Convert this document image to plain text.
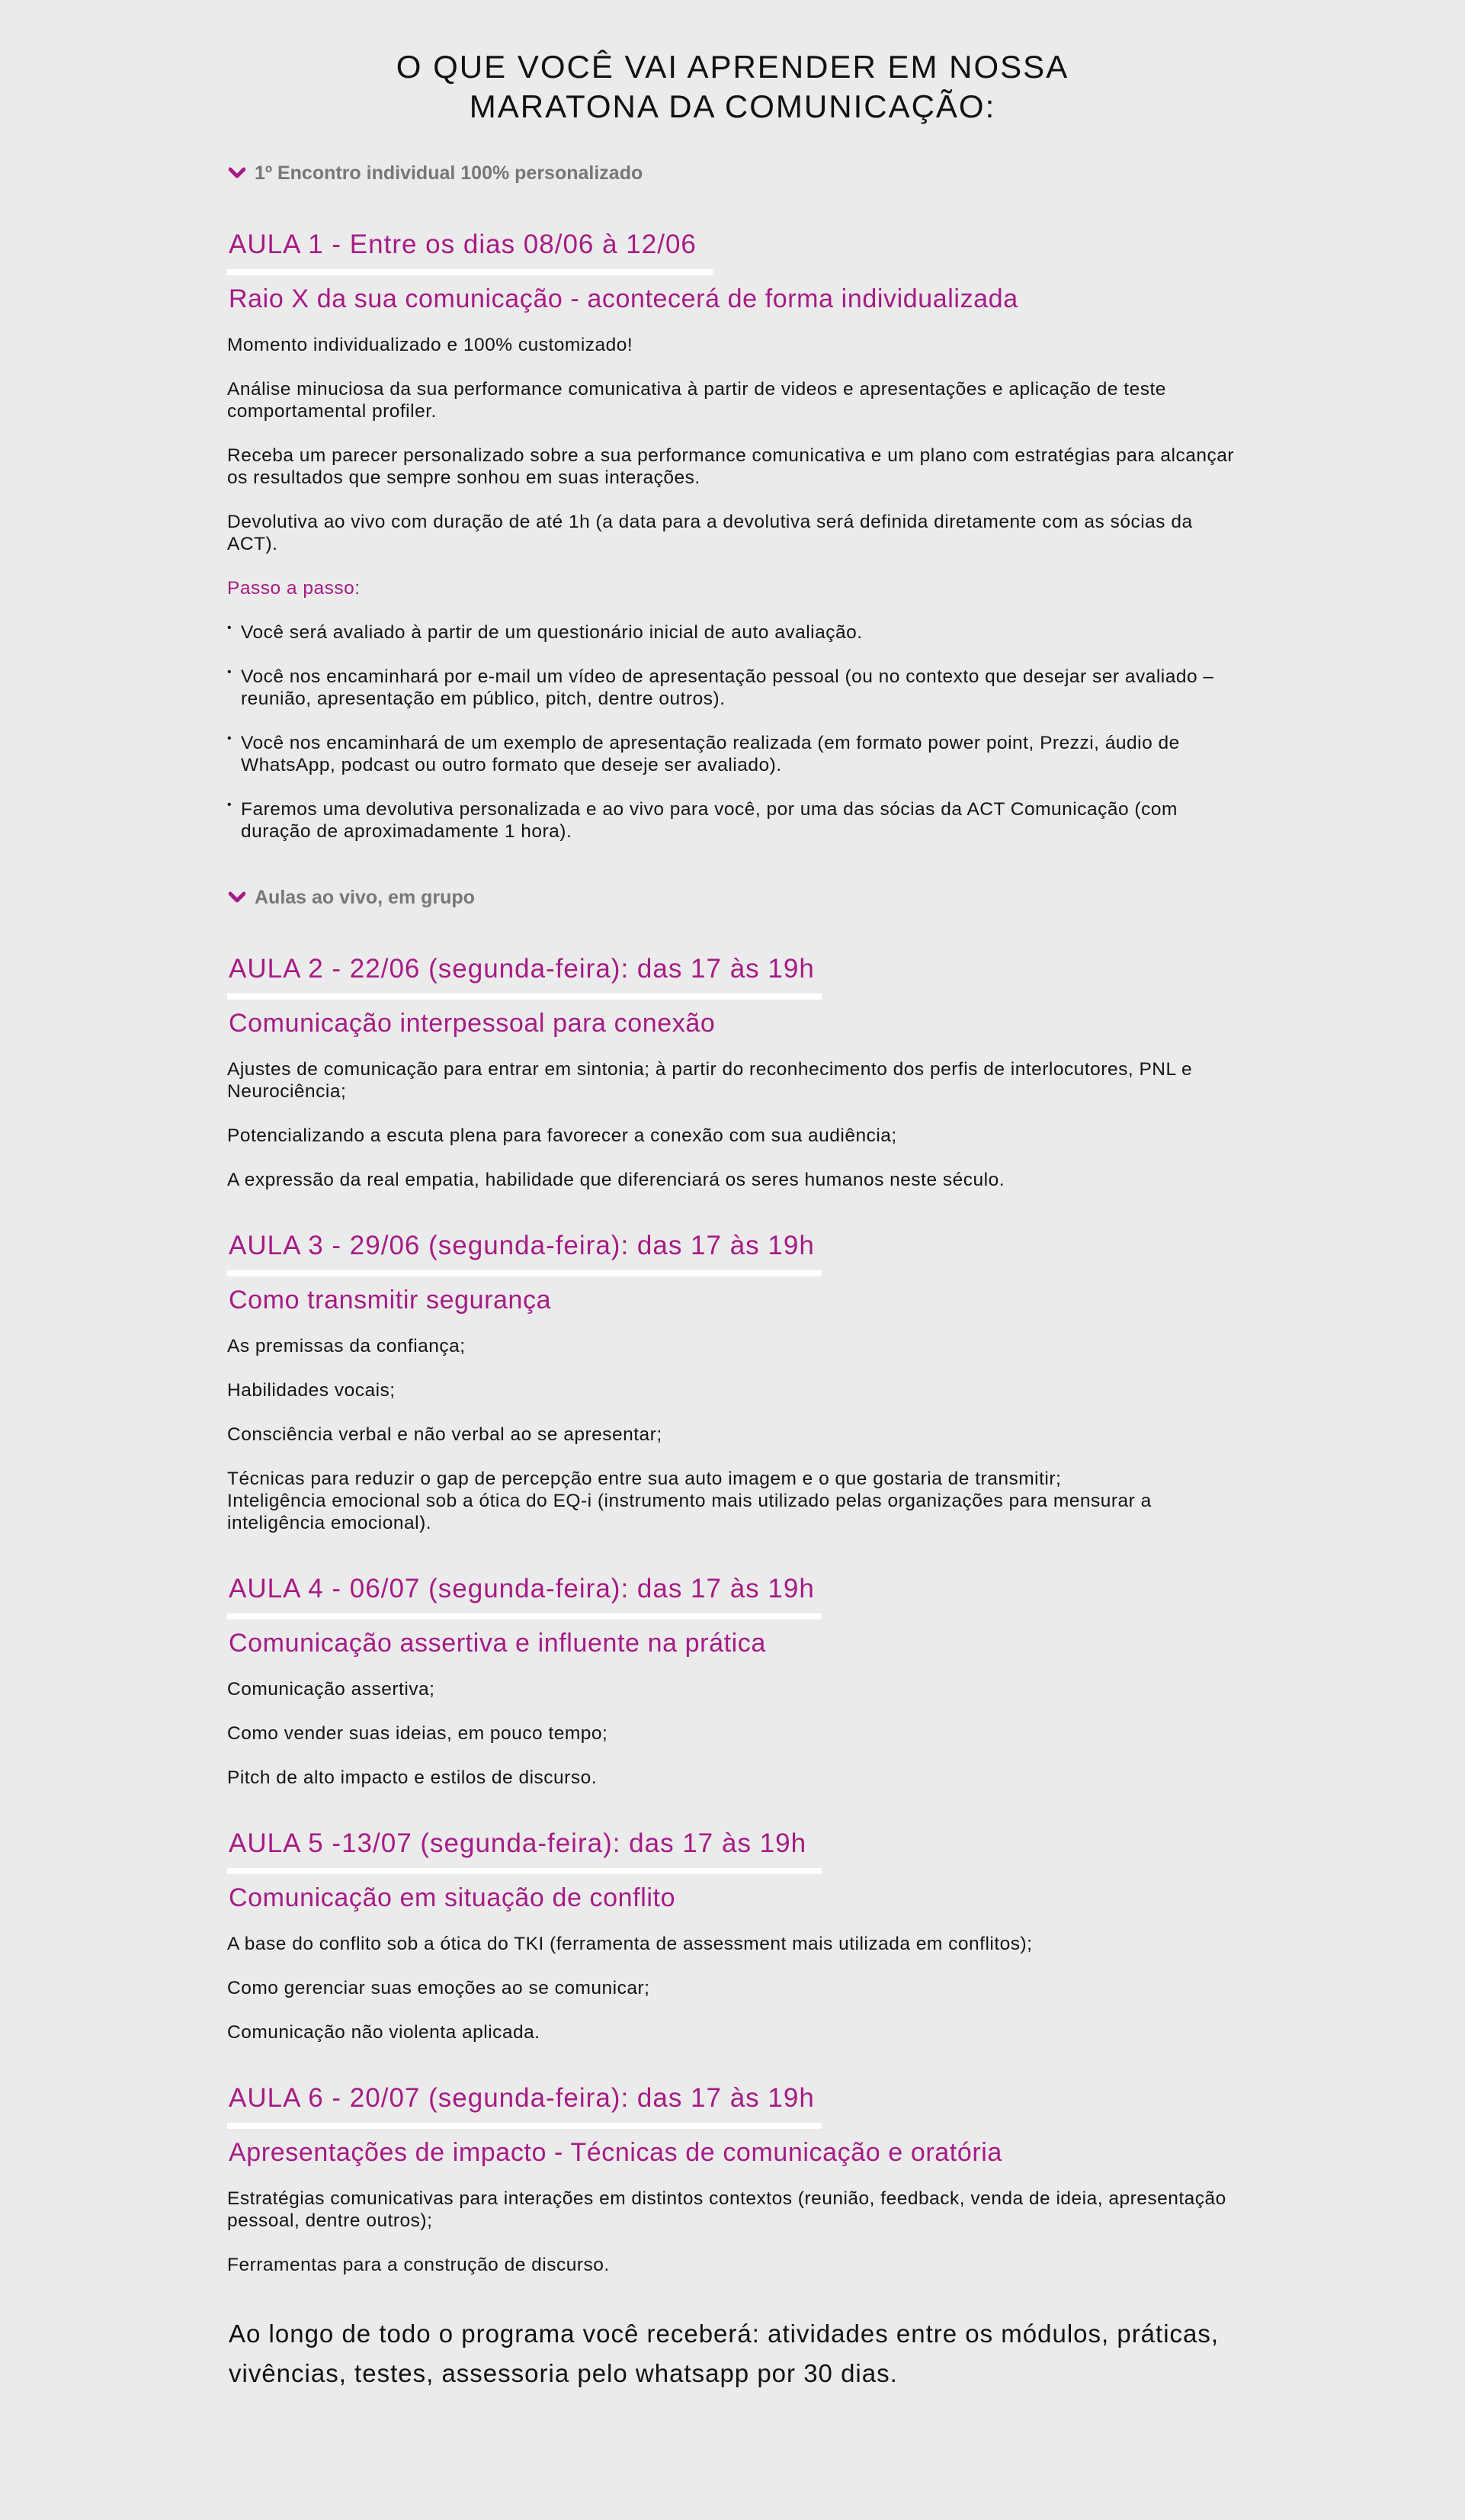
O QUE VOCÊ VAI APRENDER EM NOSSA
MARATONA DA COMUNICAÇÃO:
1º Encontro individual 100% personalizado
AULA 1 - Entre os dias 08/06 à 12/06
Raio X da sua comunicação - acontecerá de forma individualizada

Momento individualizado e 100% customizado!

Análise minuciosa da sua performance comunicativa à partir de videos e apresentações e aplicação de teste comportamental profiler.

Receba um parecer personalizado sobre a sua performance comunicativa e um plano com estratégias para alcançar os resultados que sempre sonhou em suas interações.

Devolutiva ao vivo com duração de até 1h (a data para a devolutiva será definida diretamente com as sócias da ACT).

Passo a passo:

• Você será avaliado à partir de um questionário inicial de auto avaliação.

• Você nos encaminhará por e-mail um vídeo de apresentação pessoal (ou no contexto que desejar ser avaliado – reunião, apresentação em público, pitch, dentre outros).

• Você nos encaminhará de um exemplo de apresentação realizada (em formato power point, Prezzi, áudio de WhatsApp, podcast ou outro formato que deseje ser avaliado).

• Faremos uma devolutiva personalizada e ao vivo para você, por uma das sócias da ACT Comunicação (com duração de aproximadamente 1 hora).

Aulas ao vivo, em grupo
AULA 2 - 22/06 (segunda-feira): das 17 às 19h
Comunicação interpessoal para conexão

Ajustes de comunicação para entrar em sintonia; à partir do reconhecimento dos perfis de interlocutores, PNL e Neurociência;

Potencializando a escuta plena para favorecer a conexão com sua audiência;

A expressão da real empatia, habilidade que diferenciará os seres humanos neste século.

AULA 3 - 29/06 (segunda-feira): das 17 às 19h
Como transmitir segurança

As premissas da confiança;

Habilidades vocais;

Consciência verbal e não verbal ao se apresentar;

Técnicas para reduzir o gap de percepção entre sua auto imagem e o que gostaria de transmitir;

Inteligência emocional sob a ótica do EQ-i (instrumento mais utilizado pelas organizações para mensurar a inteligência emocional).

AULA 4 - 06/07 (segunda-feira): das 17 às 19h
Comunicação assertiva e influente na prática

Comunicação assertiva;

Como vender suas ideias, em pouco tempo;

Pitch de alto impacto e estilos de discurso.

AULA 5 -13/07 (segunda-feira): das 17 às 19h
Comunicação em situação de conflito

A base do conflito sob a ótica do TKI (ferramenta de assessment mais utilizada em conflitos);

Como gerenciar suas emoções ao se comunicar;

Comunicação não violenta aplicada.

AULA 6 - 20/07 (segunda-feira): das 17 às 19h
Apresentações de impacto - Técnicas de comunicação e oratória

Estratégias comunicativas para interações em distintos contextos (reunião, feedback, venda de ideia, apresentação pessoal, dentre outros);

Ferramentas para a construção de discurso.

Ao longo de todo o programa você receberá: atividades entre os módulos, práticas, vivências, testes, assessoria pelo whatsapp por 30 dias.
